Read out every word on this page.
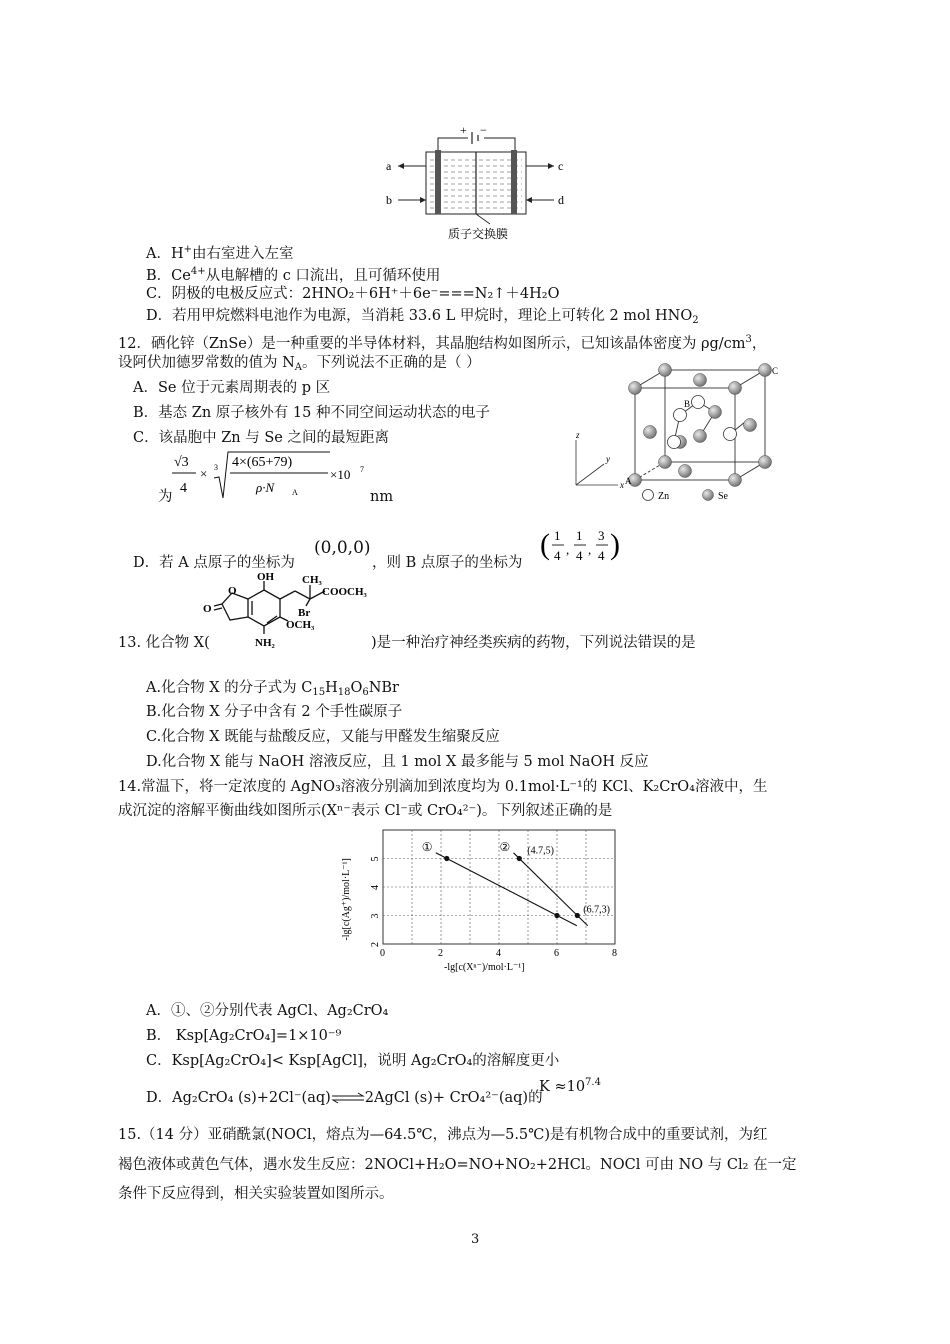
+ −
a
b
c
d
质子交换膜
A．H+由右室进入左室
B．$Ce^{4+}$从电解槽的 c 口流出，且可循环使用
C．阴极的电极反应式：2HNO₂＋6H⁺＋6e⁻===N₂↑＋4H₂O
D．若用甲烷燃料电池作为电源，当消耗 33.6 L 甲烷时，理论上可转化 2 mol $HNO_2$
12．硒化锌（ZnSe）是一种重要的半导体材料，其晶胞结构如图所示，已知该晶体密度为 $\rho g/cm^3$，
设阿伏加德罗常数的值为 $N_A$。下列说法不正确的是（ ）
A．Se 位于元素周期表的 p 区
B．基态 Zn 原子核外有 15 种不同空间运动状态的电子
C．该晶胞中 Zn 与 Se 之间的最短距离
为
√3
4
× 3 4×(65+79)
ρ·N A
×10 7
nm
D．若 A 点原子的坐标为
(0,0,0)
，则 B 点原子的坐标为
( 1
4 ,
1
4 ,
3
4 )
z
x
y
B
A
C
Zn	Se
OH	CH₃
O
O
Br
COOCH₃
OCH₃
NH₂
13. 化合物 X(	)是一种治疗神经类疾病的药物，下列说法错误的是
A.化合物 X 的分子式为 $C_{15}H_{18}O_6NBr$
B.化合物 X 分子中含有 2 个手性碳原子
C.化合物 X 既能与盐酸反应，又能与甲醛发生缩聚反应
D.化合物 X 能与 NaOH 溶液反应，且 1 mol X 最多能与 5 mol NaOH 反应
14.常温下，将一定浓度的 AgNO₃溶液分别滴加到浓度均为 0.1mol·L⁻¹的 KCl、K₂CrO₄溶液中，生
成沉淀的溶解平衡曲线如图所示(Xⁿ⁻表示 Cl⁻或 CrO₄²⁻)。下列叙述正确的是
0	2	4	6	8
2
3
4
5
-lg[c(Xⁿ⁻)/mol·L⁻¹]
-lg[c(Ag⁺)/mol·L⁻¹]
①	② (4.7,5)
(6.7,3)
A．①、②分别代表 AgCl、Ag₂CrO₄
B． Ksp[Ag₂CrO₄]=1×10⁻⁹
C．Ksp[Ag₂CrO₄]< Ksp[AgCl]，说明 Ag₂CrO₄的溶解度更小
D．Ag₂CrO₄ (s)+2Cl⁻(aq)⇌2AgCl (s)+ CrO₄²⁻(aq)的
$K \approx 10^{7.4}$
15.（14 分）亚硝酰氯(NOCl，熔点为—64.5℃，沸点为—5.5℃)是有机物合成中的重要试剂，为红
褐色液体或黄色气体，遇水发生反应：2NOCl+H₂O=NO+NO₂+2HCl。NOCl 可由 NO 与 Cl₂ 在一定
条件下反应得到，相关实验装置如图所示。
3
